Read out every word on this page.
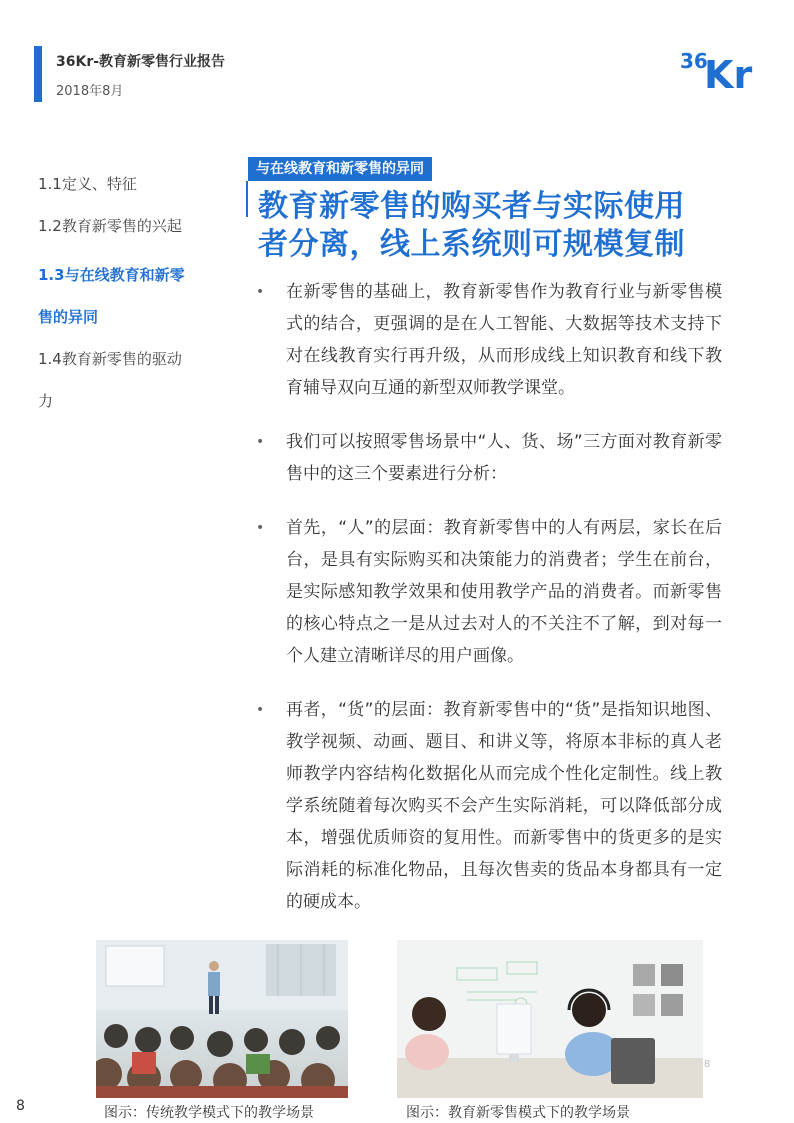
36Kr-教育新零售行业报告
2018年8月
36
Kr
1.1定义、特征
1.2教育新零售的兴起
1.3与在线教育和新零
售的异同
1.4教育新零售的驱动
力
与在线教育和新零售的异同
教育新零售的购买者与实际使用
者分离，线上系统则可规模复制
• 在新零售的基础上，教育新零售作为教育行业与新零售模式的结合，更强调的是在人工智能、大数据等技术支持下对在线教育实行再升级，从而形成线上知识教育和线下教育辅导双向互通的新型双师教学课堂。
• 我们可以按照零售场景中“人、货、场”三方面对教育新零售中的这三个要素进行分析：
• 首先，“人”的层面：教育新零售中的人有两层，家长在后台，是具有实际购买和决策能力的消费者；学生在前台，是实际感知教学效果和使用教学产品的消费者。而新零售的核心特点之一是从过去对人的不关注不了解，到对每一个人建立清晰详尽的用户画像。
• 再者，“货”的层面：教育新零售中的“货”是指知识地图、教学视频、动画、题目、和讲义等，将原本非标的真人老师教学内容结构化数据化从而完成个性化定制性。线上教学系统随着每次购买不会产生实际消耗，可以降低部分成本，增强优质师资的复用性。而新零售中的货更多的是实际消耗的标准化物品，且每次售卖的货品本身都具有一定的硬成本。
图示：传统教学模式下的教学场景	图示：教育新零售模式下的教学场景
8
8
